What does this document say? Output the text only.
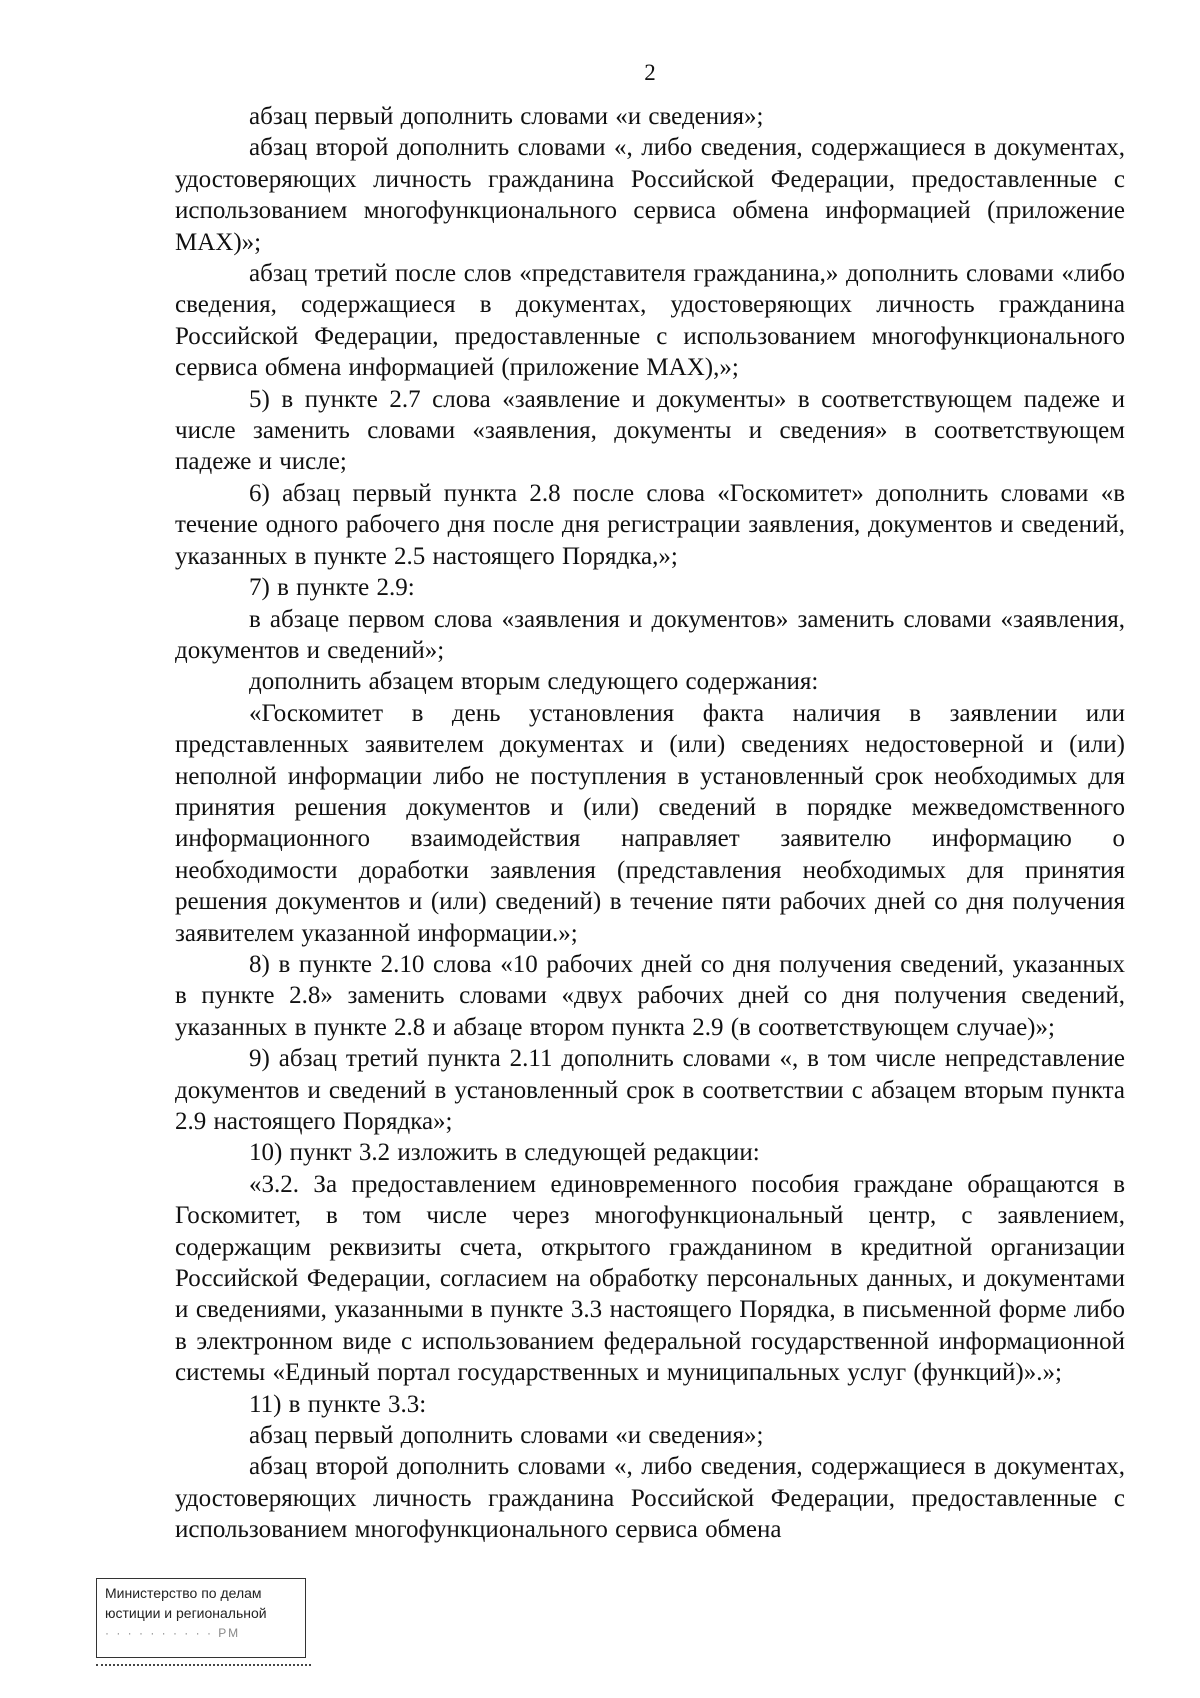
2

абзац первый дополнить словами «и сведения»;

абзац второй дополнить словами «, либо сведения, содержащиеся в документах, удостоверяющих личность гражданина Российской Федерации, предоставленные с использованием многофункционального сервиса обмена информацией (приложение MAX)»;

абзац третий после слов «представителя гражданина,» дополнить словами «либо сведения, содержащиеся в документах, удостоверяющих личность гражданина Российской Федерации, предоставленные с использованием многофункционального сервиса обмена информацией (приложение MAX),»;

5) в пункте 2.7 слова «заявление и документы» в соответствующем падеже и числе заменить словами «заявления, документы и сведения» в соответствующем падеже и числе;

6) абзац первый пункта 2.8 после слова «Госкомитет» дополнить словами «в течение одного рабочего дня после дня регистрации заявления, документов и сведений, указанных в пункте 2.5 настоящего Порядка,»;

7) в пункте 2.9:

в абзаце первом слова «заявления и документов» заменить словами «заявления, документов и сведений»;

дополнить абзацем вторым следующего содержания:

«Госкомитет в день установления факта наличия в заявлении или представленных заявителем документах и (или) сведениях недостоверной и (или) неполной информации либо не поступления в установленный срок необходимых для принятия решения документов и (или) сведений в порядке межведомственного информационного взаимодействия направляет заявителю информацию о необходимости доработки заявления (представления необходимых для принятия решения документов и (или) сведений) в течение пяти рабочих дней со дня получения заявителем указанной информации.»;

8) в пункте 2.10 слова «10 рабочих дней со дня получения сведений, указанных в пункте 2.8» заменить словами «двух рабочих дней со дня получения сведений, указанных в пункте 2.8 и абзаце втором пункта 2.9 (в соответствующем случае)»;

9) абзац третий пункта 2.11 дополнить словами «, в том числе непредставление документов и сведений в установленный срок в соответствии с абзацем вторым пункта 2.9 настоящего Порядка»;

10) пункт 3.2 изложить в следующей редакции:

«3.2. За предоставлением единовременного пособия граждане обращаются в Госкомитет, в том числе через многофункциональный центр, с заявлением, содержащим реквизиты счета, открытого гражданином в кредитной организации Российской Федерации, согласием на обработку персональных данных, и документами и сведениями, указанными в пункте 3.3 настоящего Порядка, в письменной форме либо в электронном виде с использованием федеральной государственной информационной системы «Единый портал государственных и муниципальных услуг (функций)».»;

11) в пункте 3.3:

абзац первый дополнить словами «и сведения»;

абзац второй дополнить словами «, либо сведения, содержащиеся в документах, удостоверяющих личность гражданина Российской Федерации, предоставленные с использованием многофункционального сервиса обмена

Министерство по делам
юстиции и региональной
· · · · · · · · · · РМ
